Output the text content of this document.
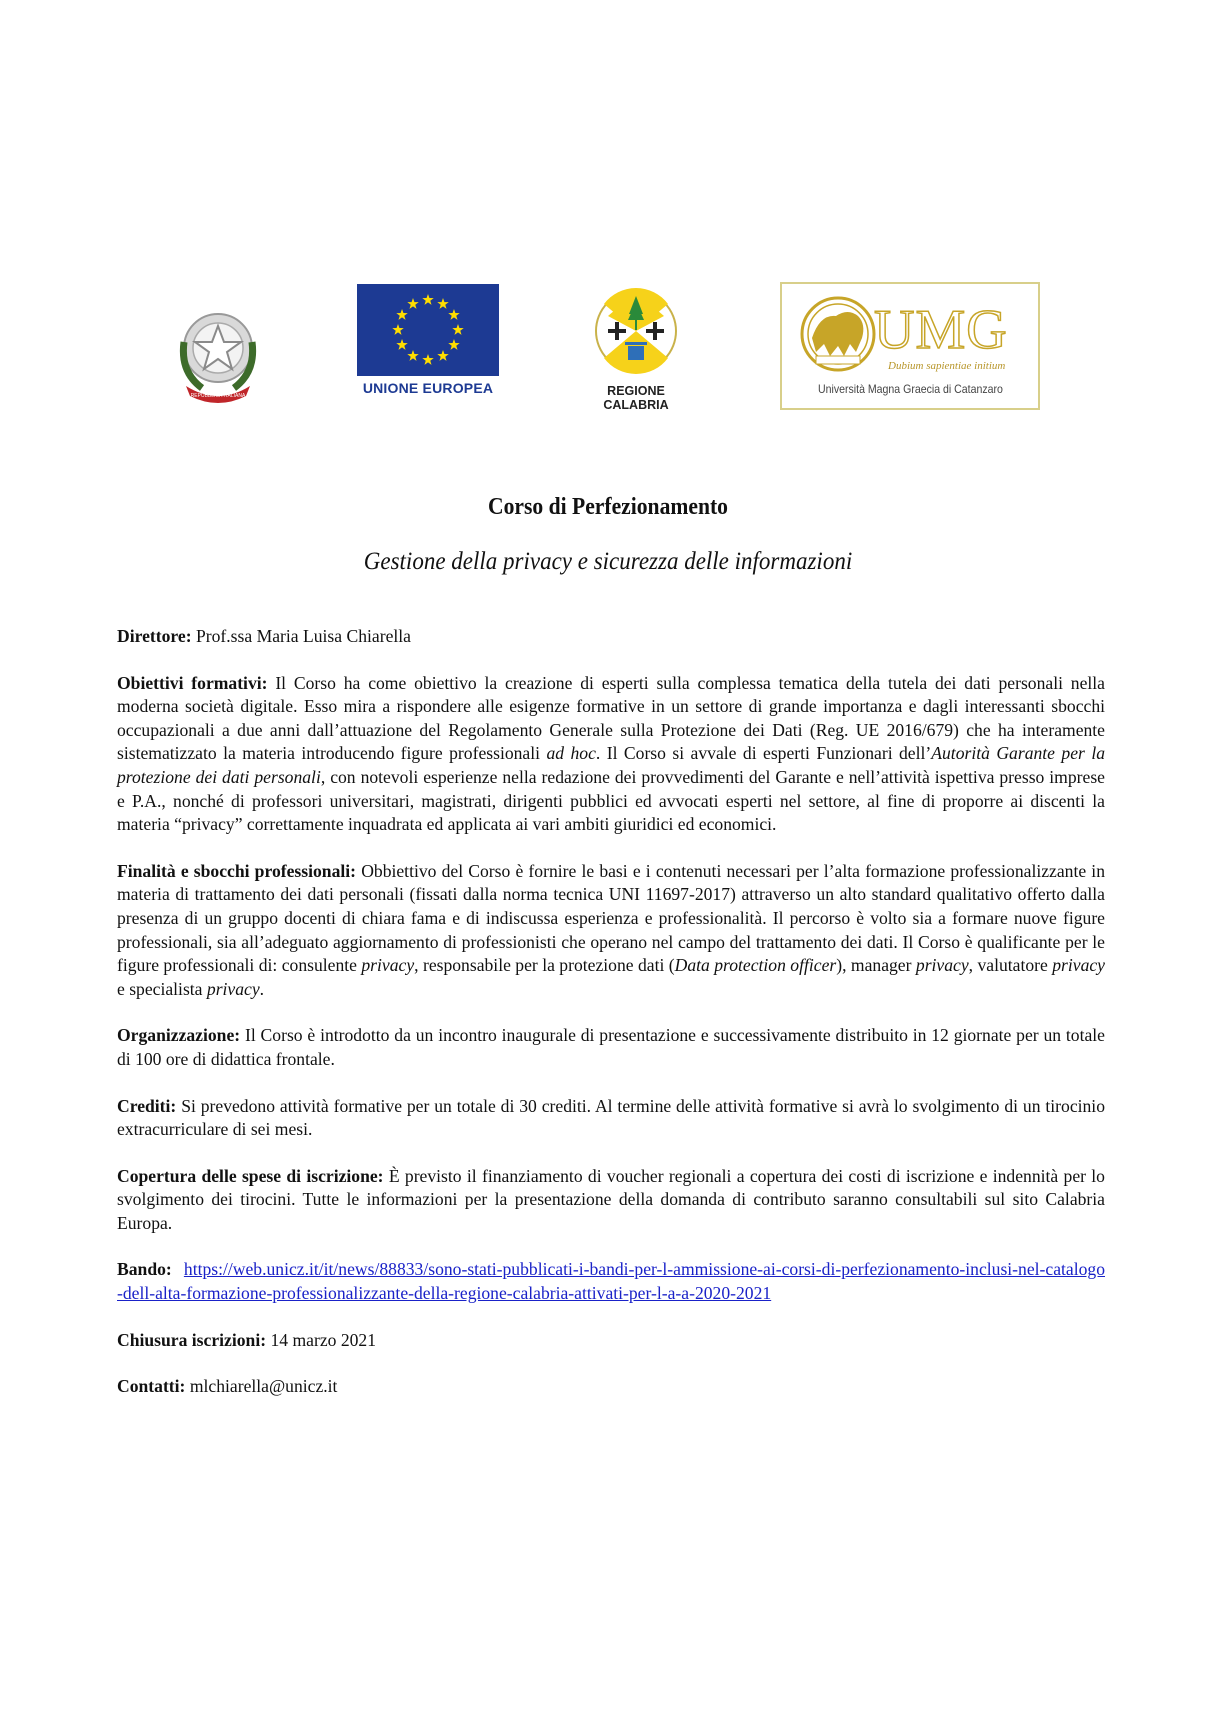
REPUBBLICA ITALIANA	UNIONE EUROPEA	REGIONE CALABRIA
UMG
Dubium sapientiae initium
Università Magna Graecia di Catanzaro
Corso di Perfezionamento
Gestione della privacy e sicurezza delle informazioni

Direttore: Prof.ssa Maria Luisa Chiarella

Obiettivi formativi: Il Corso ha come obiettivo la creazione di esperti sulla complessa tematica della tutela dei dati personali nella moderna società digitale. Esso mira a rispondere alle esigenze formative in un settore di grande importanza e dagli interessanti sbocchi occupazionali a due anni dall’attuazione del Regolamento Generale sulla Protezione dei Dati (Reg. UE 2016/679) che ha interamente sistematizzato la materia introducendo figure professionali ad hoc. Il Corso si avvale di esperti Funzionari dell’Autorità Garante per la protezione dei dati personali, con notevoli esperienze nella redazione dei provvedimenti del Garante e nell’attività ispettiva presso imprese e P.A., nonché di professori universitari, magistrati, dirigenti pubblici ed avvocati esperti nel settore, al fine di proporre ai discenti la materia “privacy” correttamente inquadrata ed applicata ai vari ambiti giuridici ed economici.

Finalità e sbocchi professionali: Obbiettivo del Corso è fornire le basi e i contenuti necessari per l’alta formazione professionalizzante in materia di trattamento dei dati personali (fissati dalla norma tecnica UNI 11697-2017) attraverso un alto standard qualitativo offerto dalla presenza di un gruppo docenti di chiara fama e di indiscussa esperienza e professionalità. Il percorso è volto sia a formare nuove figure professionali, sia all’adeguato aggiornamento di professionisti che operano nel campo del trattamento dei dati. Il Corso è qualificante per le figure professionali di: consulente privacy, responsabile per la protezione dati (Data protection officer), manager privacy, valutatore privacy e specialista privacy.

Organizzazione: Il Corso è introdotto da un incontro inaugurale di presentazione e successivamente distribuito in 12 giornate per un totale di 100 ore di didattica frontale.

Crediti: Si prevedono attività formative per un totale di 30 crediti. Al termine delle attività formative si avrà lo svolgimento di un tirocinio extracurriculare di sei mesi.

Copertura delle spese di iscrizione: È previsto il finanziamento di voucher regionali a copertura dei costi di iscrizione e indennità per lo svolgimento dei tirocini. Tutte le informazioni per la presentazione della domanda di contributo saranno consultabili sul sito Calabria Europa.

Bando: https://web.unicz.it/it/news/88833/sono-stati-pubblicati-i-bandi-per-l-ammissione-ai-corsi-di-perfezionamento-inclusi-nel-catalogo-dell-alta-formazione-professionalizzante-della-regione-calabria-attivati-per-l-a-a-2020-2021

Chiusura iscrizioni: 14 marzo 2021

Contatti: mlchiarella@unicz.it
